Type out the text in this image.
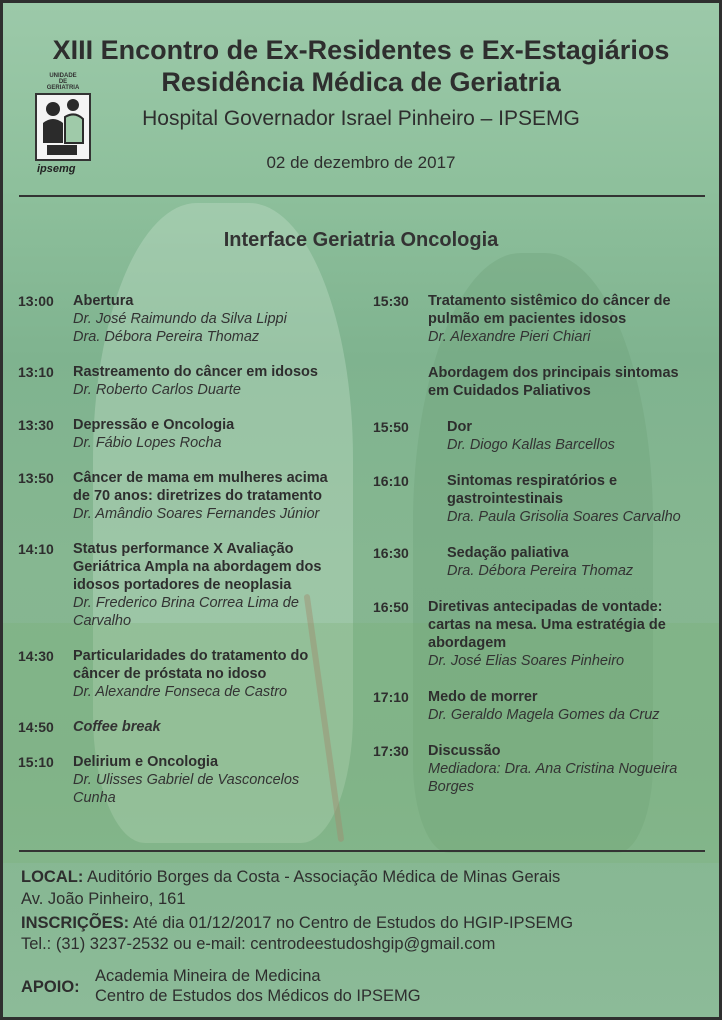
UNIDADE
DE
GERIATRIA
ipsemg
XIII Encontro de Ex-Residentes e Ex-Estagiários
Residência Médica de Geriatria
Hospital Governador Israel Pinheiro – IPSEMG
02 de dezembro de 2017
Interface Geriatria Oncologia
13:00	Abertura
Dr. José Raimundo da Silva Lippi
Dra. Débora Pereira Thomaz
13:10	Rastreamento do câncer em idosos
Dr. Roberto Carlos Duarte
13:30	Depressão e Oncologia
Dr. Fábio Lopes Rocha
13:50	Câncer de mama em mulheres acima
de 70 anos: diretrizes do tratamento
Dr. Amândio Soares Fernandes Júnior
14:10	Status performance X Avaliação
Geriátrica Ampla na abordagem dos
idosos portadores de neoplasia
Dr. Frederico Brina Correa Lima de
Carvalho
14:30	Particularidades do tratamento do
câncer de próstata no idoso
Dr. Alexandre Fonseca de Castro
14:50	Coffee break
15:10	Delirium e Oncologia
Dr. Ulisses Gabriel de Vasconcelos
Cunha
15:30	Tratamento sistêmico do câncer de
pulmão em pacientes idosos
Dr. Alexandre Pieri Chiari
Abordagem dos principais sintomas
em Cuidados Paliativos
15:50	Dor
Dr. Diogo Kallas Barcellos
16:10	Sintomas respiratórios e
gastrointestinais
Dra. Paula Grisolia Soares Carvalho
16:30	Sedação paliativa
Dra. Débora Pereira Thomaz
16:50	Diretivas antecipadas de vontade:
cartas na mesa. Uma estratégia de
abordagem
Dr. José Elias Soares Pinheiro
17:10	Medo de morrer
Dr. Geraldo Magela Gomes da Cruz
17:30	Discussão
Mediadora: Dra. Ana Cristina Nogueira
Borges
LOCAL: Auditório Borges da Costa - Associação Médica de Minas Gerais
Av. João Pinheiro, 161
INSCRIÇÕES: Até dia 01/12/2017 no Centro de Estudos do HGIP-IPSEMG
Tel.: (31) 3237-2532 ou e-mail: centrodeestudoshgip@gmail.com
APOIO:
Academia Mineira de Medicina
Centro de Estudos dos Médicos do IPSEMG
